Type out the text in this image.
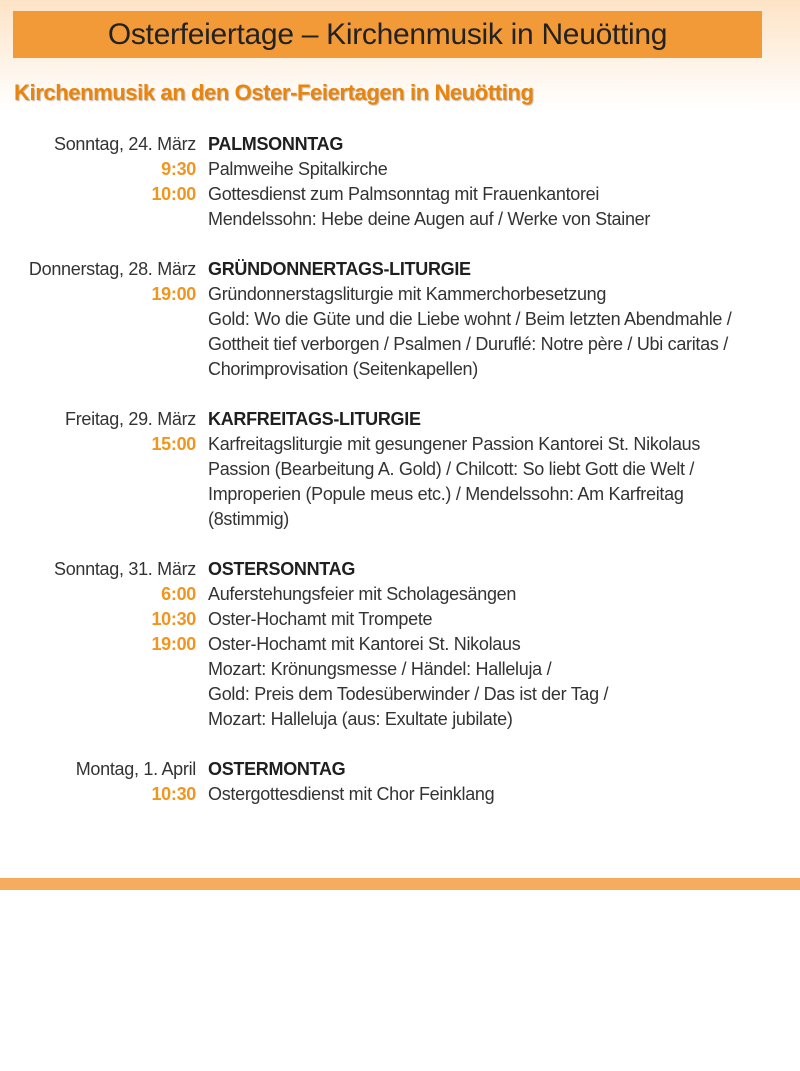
Osterfeiertage – Kirchenmusik in Neuötting
Kirchenmusik an den Oster-Feiertagen in Neuötting
Sonntag, 24. März PALMSONNTAG
9:30 Palmweihe Spitalkirche
10:00 Gottesdienst zum Palmsonntag mit Frauenkantorei
Mendelssohn: Hebe deine Augen auf / Werke von Stainer
Donnerstag, 28. März GRÜNDONNERTAGS-LITURGIE
19:00 Gründonnerstagsliturgie mit Kammerchorbesetzung
Gold: Wo die Güte und die Liebe wohnt / Beim letzten Abendmahle /
Gottheit tief verborgen / Psalmen / Duruflé: Notre père / Ubi caritas /
Chorimprovisation (Seitenkapellen)
Freitag, 29. März KARFREITAGS-LITURGIE
15:00 Karfreitagsliturgie mit gesungener Passion Kantorei St. Nikolaus
Passion (Bearbeitung A. Gold) / Chilcott: So liebt Gott die Welt /
Improperien (Popule meus etc.) / Mendelssohn: Am Karfreitag
(8stimmig)
Sonntag, 31. März OSTERSONNTAG
6:00 Auferstehungsfeier mit Scholagesängen
10:30 Oster-Hochamt mit Trompete
19:00 Oster-Hochamt mit Kantorei St. Nikolaus
Mozart: Krönungsmesse / Händel: Halleluja /
Gold: Preis dem Todesüberwinder / Das ist der Tag /
Mozart: Halleluja (aus: Exultate jubilate)
Montag, 1. April OSTERMONTAG
10:30 Ostergottesdienst mit Chor Feinklang
